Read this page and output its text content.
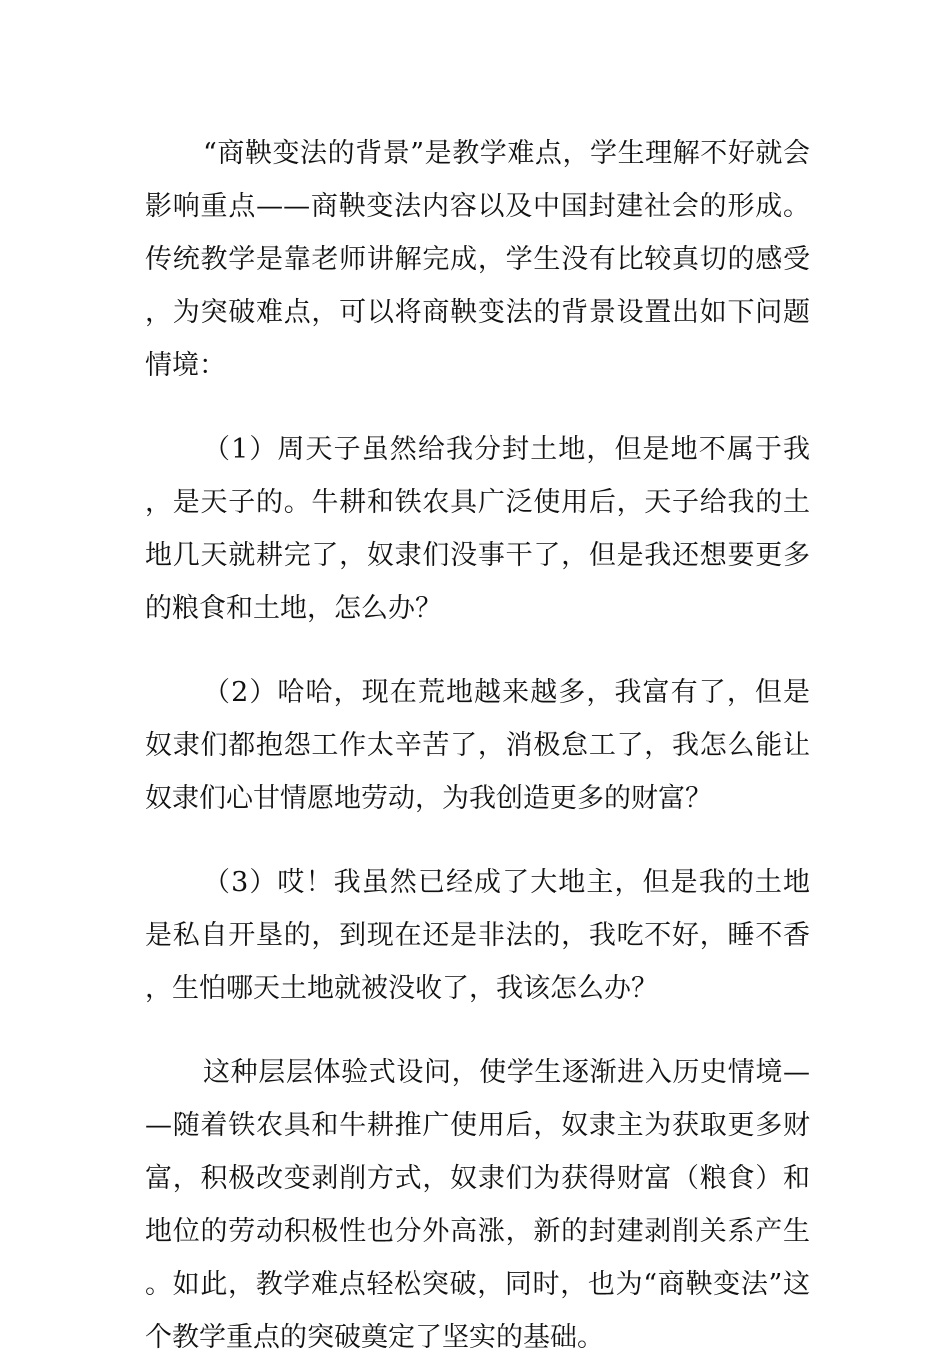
“商鞅变法的背景”是教学难点，学生理解不好就会影响重点——商鞅变法内容以及中国封建社会的形成。传统教学是靠老师讲解完成，学生没有比较真切的感受，为突破难点，可以将商鞅变法的背景设置出如下问题情境：

（1）周天子虽然给我分封土地，但是地不属于我，是天子的。牛耕和铁农具广泛使用后，天子给我的土地几天就耕完了，奴隶们没事干了，但是我还想要更多的粮食和土地，怎么办？

（2）哈哈，现在荒地越来越多，我富有了，但是奴隶们都抱怨工作太辛苦了，消极怠工了，我怎么能让奴隶们心甘情愿地劳动，为我创造更多的财富？

（3）哎！我虽然已经成了大地主，但是我的土地是私自开垦的，到现在还是非法的，我吃不好，睡不香，生怕哪天土地就被没收了，我该怎么办？

这种层层体验式设问，使学生逐渐进入历史情境——随着铁农具和牛耕推广使用后，奴隶主为获取更多财富，积极改变剥削方式，奴隶们为获得财富（粮食）和地位的劳动积极性也分外高涨，新的封建剥削关系产生。如此，教学难点轻松突破，同时，也为“商鞅变法”这个教学重点的突破奠定了坚实的基础。
